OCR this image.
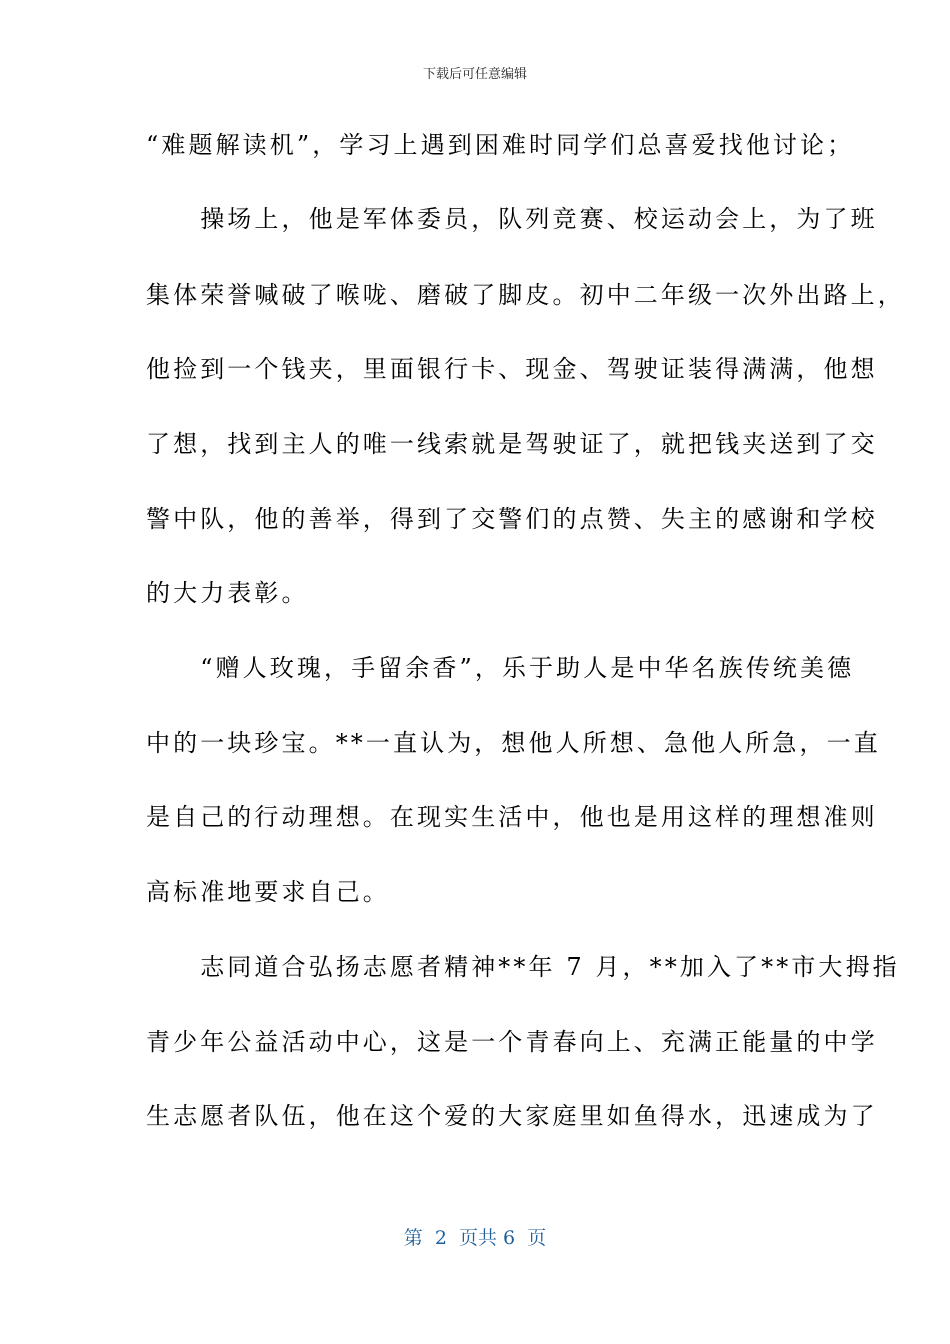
下载后可任意编辑
“难题解读机”，学习上遇到困难时同学们总喜爱找他讨论；
　　操场上，他是军体委员，队列竞赛、校运动会上，为了班
集体荣誉喊破了喉咙、磨破了脚皮。初中二年级一次外出路上，
他捡到一个钱夹，里面银行卡、现金、驾驶证装得满满，他想
了想，找到主人的唯一线索就是驾驶证了，就把钱夹送到了交
警中队，他的善举，得到了交警们的点赞、失主的感谢和学校
的大力表彰。
　　“赠人玫瑰，手留余香”，乐于助人是中华名族传统美德
中的一块珍宝。**一直认为，想他人所想、急他人所急，一直
是自己的行动理想。在现实生活中，他也是用这样的理想准则
高标准地要求自己。
　　志同道合弘扬志愿者精神**年 7 月，**加入了**市大拇指
青少年公益活动中心，这是一个青春向上、充满正能量的中学
生志愿者队伍，他在这个爱的大家庭里如鱼得水，迅速成为了
第  2  页共 6  页
